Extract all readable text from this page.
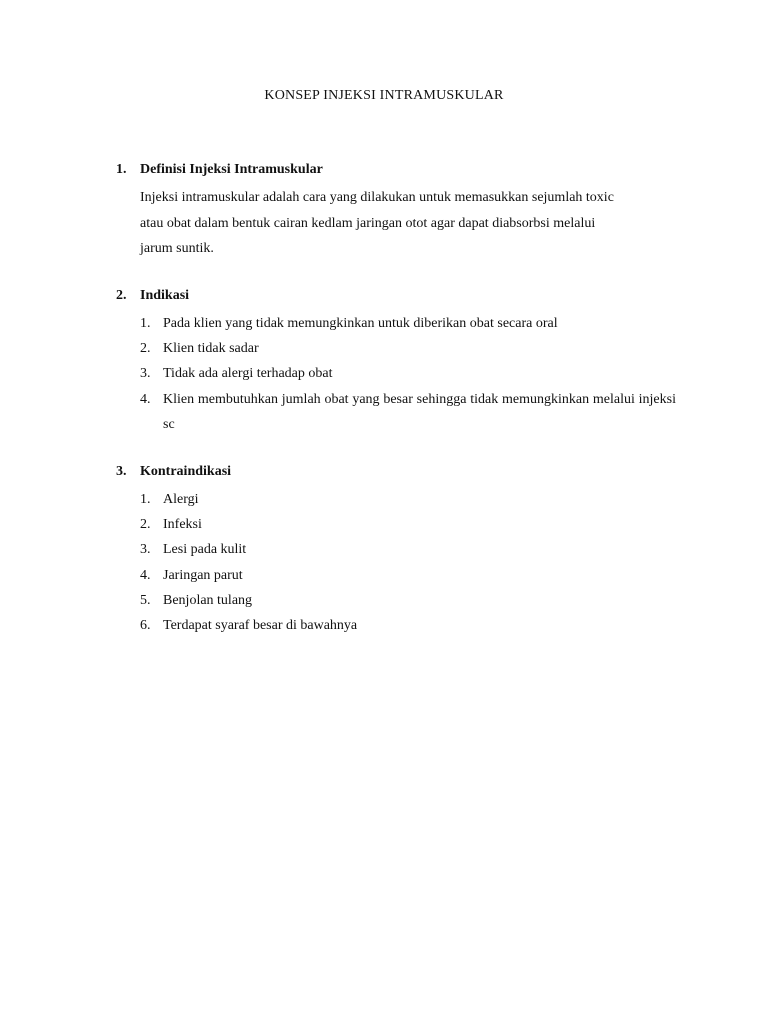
KONSEP INJEKSI INTRAMUSKULAR
1. Definisi Injeksi Intramuskular
Injeksi intramuskular adalah cara yang dilakukan untuk memasukkan sejumlah toxic
atau obat dalam bentuk cairan kedlam jaringan otot agar dapat diabsorbsi melalui
jarum suntik.
2. Indikasi
1. Pada klien yang tidak memungkinkan untuk diberikan obat secara oral
2. Klien tidak sadar
3. Tidak ada alergi terhadap obat
4. Klien membutuhkan jumlah obat yang besar sehingga tidak memungkinkan melalui injeksi sc
3. Kontraindikasi
1. Alergi
2. Infeksi
3. Lesi pada kulit
4. Jaringan parut
5. Benjolan tulang
6. Terdapat syaraf besar di bawahnya
